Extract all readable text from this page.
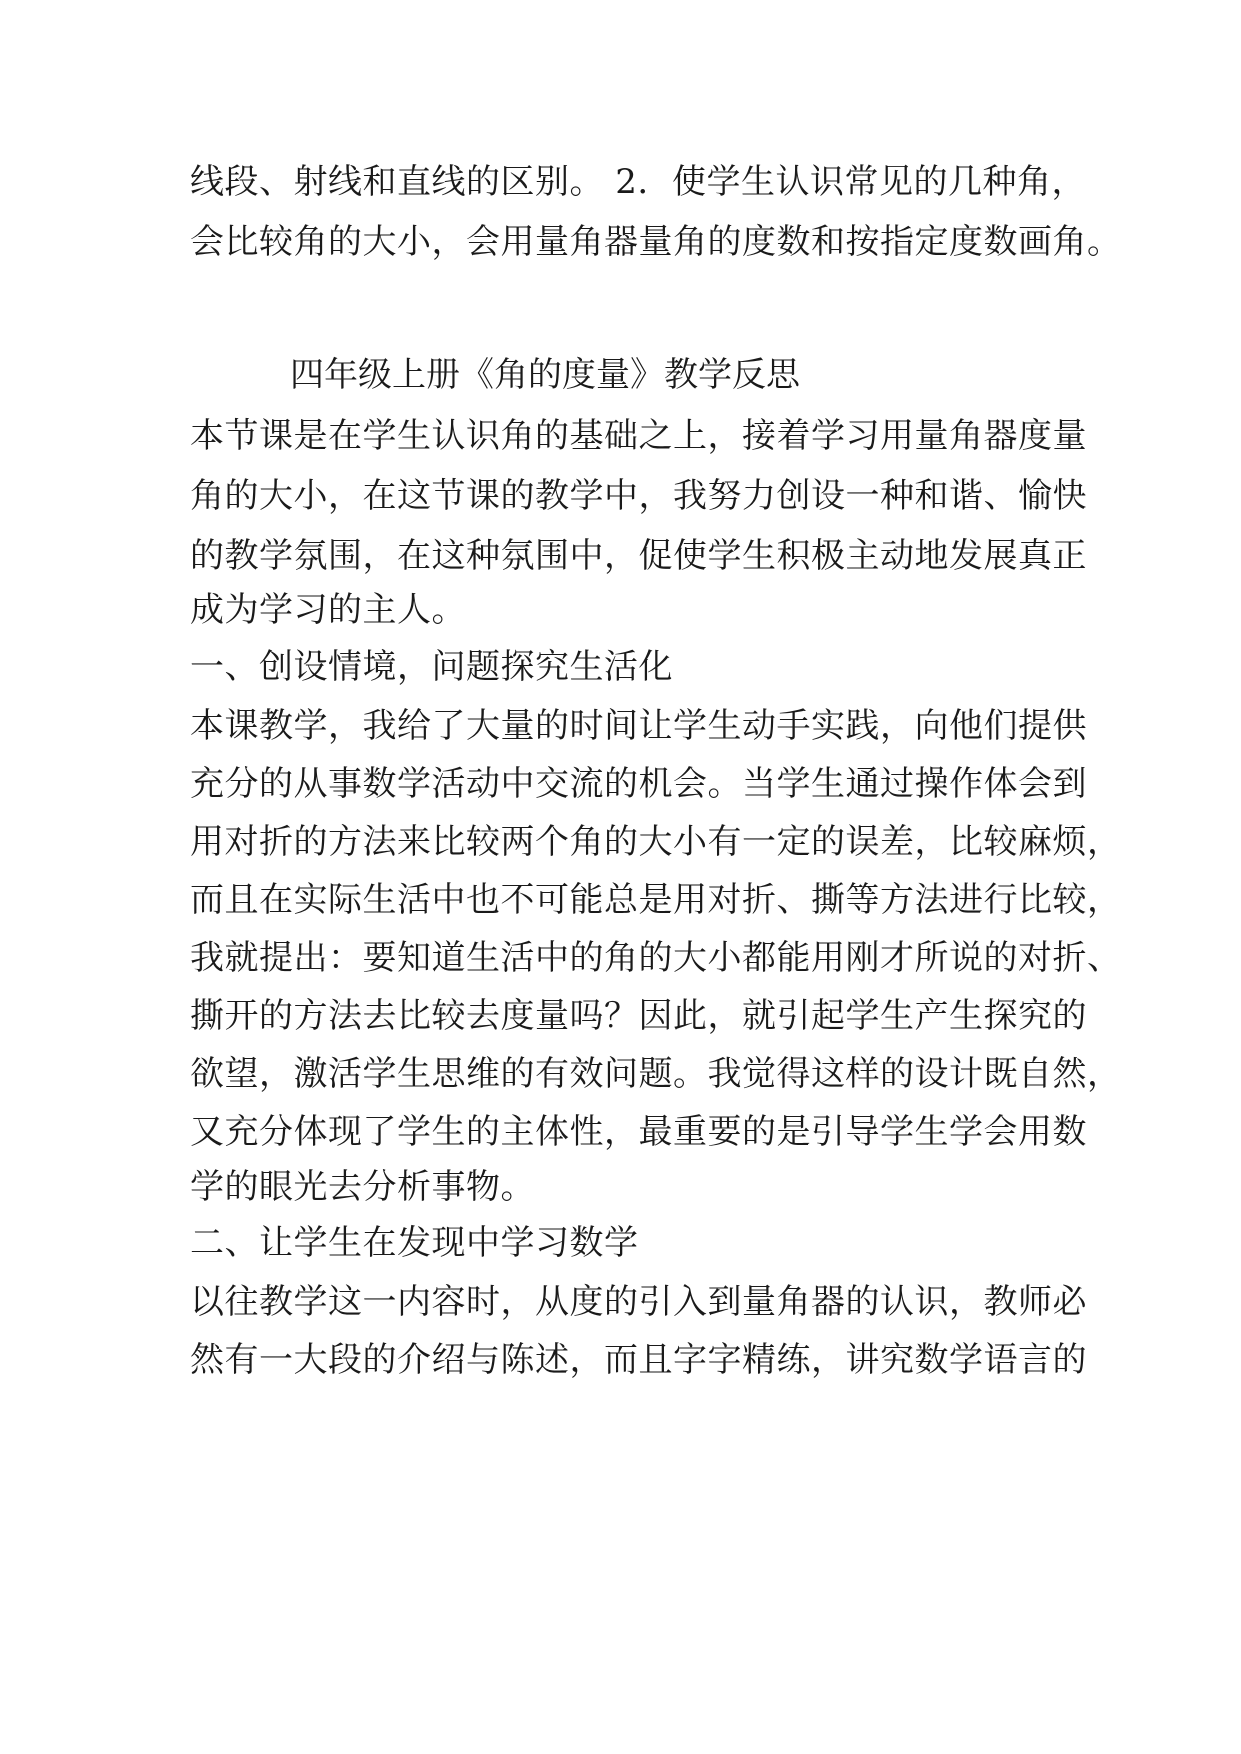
线段、射线和直线的区别。 2．使学生认识常见的几种角，
会比较角的大小，会用量角器量角的度数和按指定度数画角。
四年级上册《角的度量》教学反思
本节课是在学生认识角的基础之上，接着学习用量角器度量
角的大小，在这节课的教学中，我努力创设一种和谐、愉快
的教学氛围，在这种氛围中，促使学生积极主动地发展真正
成为学习的主人。
一、创设情境，问题探究生活化
本课教学，我给了大量的时间让学生动手实践，向他们提供
充分的从事数学活动中交流的机会。当学生通过操作体会到
用对折的方法来比较两个角的大小有一定的误差，比较麻烦，
而且在实际生活中也不可能总是用对折、撕等方法进行比较，
我就提出：要知道生活中的角的大小都能用刚才所说的对折、
撕开的方法去比较去度量吗？因此，就引起学生产生探究的
欲望，激活学生思维的有效问题。我觉得这样的设计既自然，
又充分体现了学生的主体性，最重要的是引导学生学会用数
学的眼光去分析事物。
二、让学生在发现中学习数学
以往教学这一内容时，从度的引入到量角器的认识，教师必
然有一大段的介绍与陈述，而且字字精练，讲究数学语言的
